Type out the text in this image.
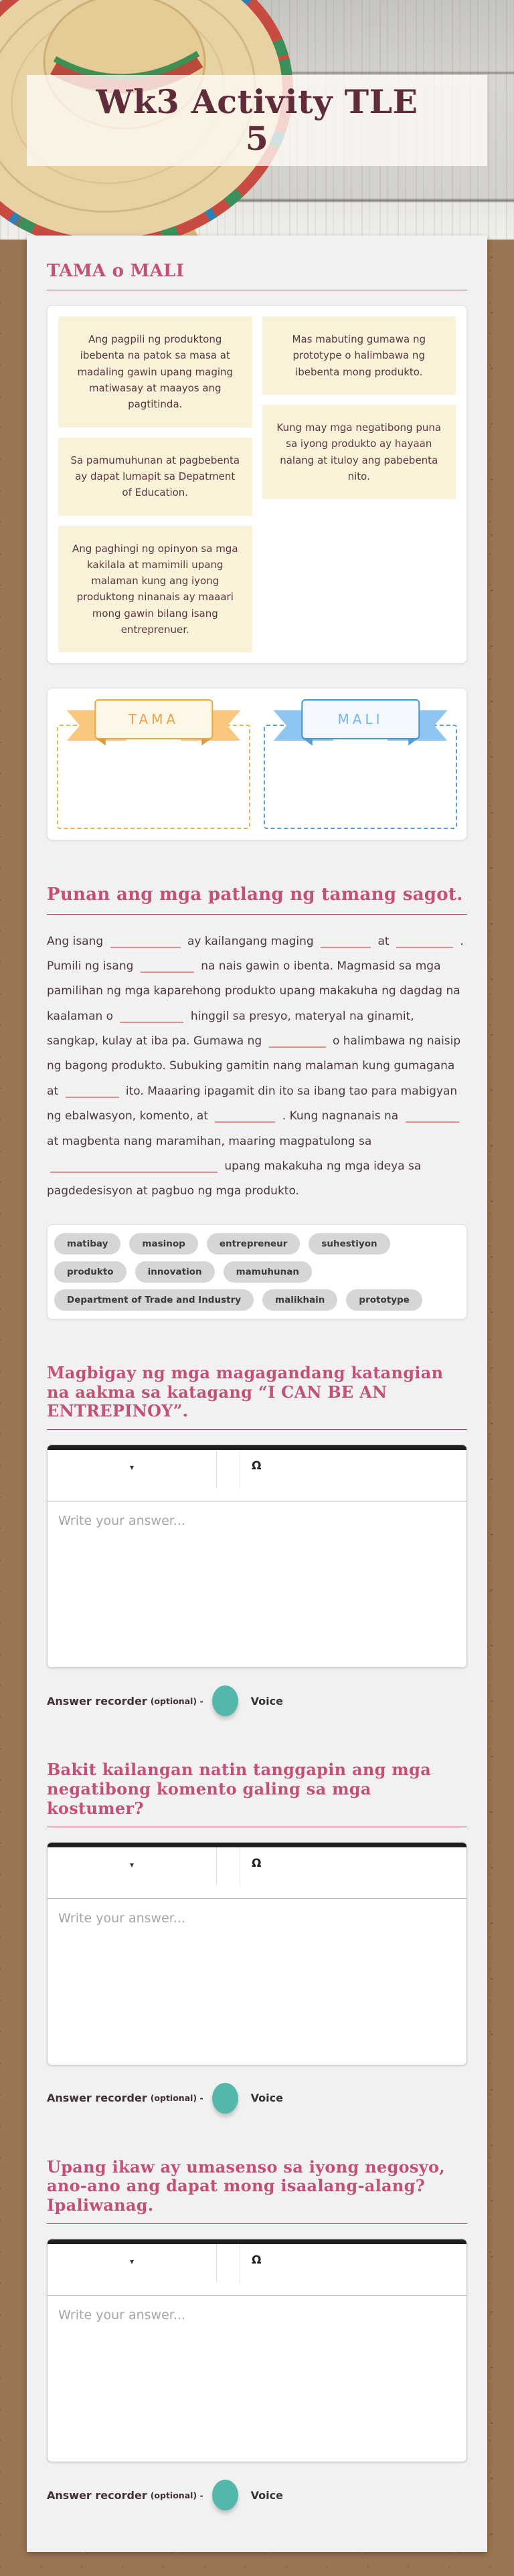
Wk3 Activity TLE
5
TAMA o MALI
Ang pagpili ng produktong ibebenta na patok sa masa at madaling gawin upang maging matiwasay at maayos ang pagtitinda.
Sa pamumuhunan at pagbebenta ay dapat lumapit sa Depatment of Education.
Ang paghingi ng opinyon sa mga kakilala at mamimili upang malaman kung ang iyong produktong ninanais ay maaari mong gawin bilang isang entreprenuer.
Mas mabuting gumawa ng prototype o halimbawa ng ibebenta mong produkto.
Kung may mga negatibong puna sa iyong produkto ay hayaan nalang at ituloy ang pabebenta nito.
TAMA	MALI
Punan ang mga patlang ng tamang sagot.

Ang isang	ay kailangang maging	at	. Pumili ng isang	na nais gawin o ibenta. Magmasid sa mga pamilihan ng mga kaparehong produkto upang makakuha ng dagdag na kaalaman o	hinggil sa presyo, materyal na ginamit, sangkap, kulay at iba pa. Gumawa ng	o halimbawa ng naisip ng bagong produkto. Subuking gamitin nang malaman kung gumagana at	ito. Maaaring ipagamit din ito sa ibang tao para mabigyan ng ebalwasyon, komento, at	. Kung nagnanais na  at magbenta nang maramihan, maaring magpatulong sa  upang makakuha ng mga ideya sa pagdedesisyon at pagbuo ng mga produkto.

matibay	masinop	entrepreneur	suhestiyon
produkto	innovation	mamuhunan
Department of Trade and Industry	malikhain	prototype
Magbigay ng mga magagandang katangian na aakma sa katagang “I CAN BE AN ENTREPINOY”.
▾	Ω
Write your answer...
Answer recorder (optional) -	Voice
Bakit kailangan natin tanggapin ang mga negatibong komento galing sa mga kostumer?
▾	Ω
Write your answer...
Answer recorder (optional) -	Voice
Upang ikaw ay umasenso sa iyong negosyo, ano-ano ang dapat mong isaalang-alang? Ipaliwanag.
▾	Ω
Write your answer...
Answer recorder (optional) -	Voice
